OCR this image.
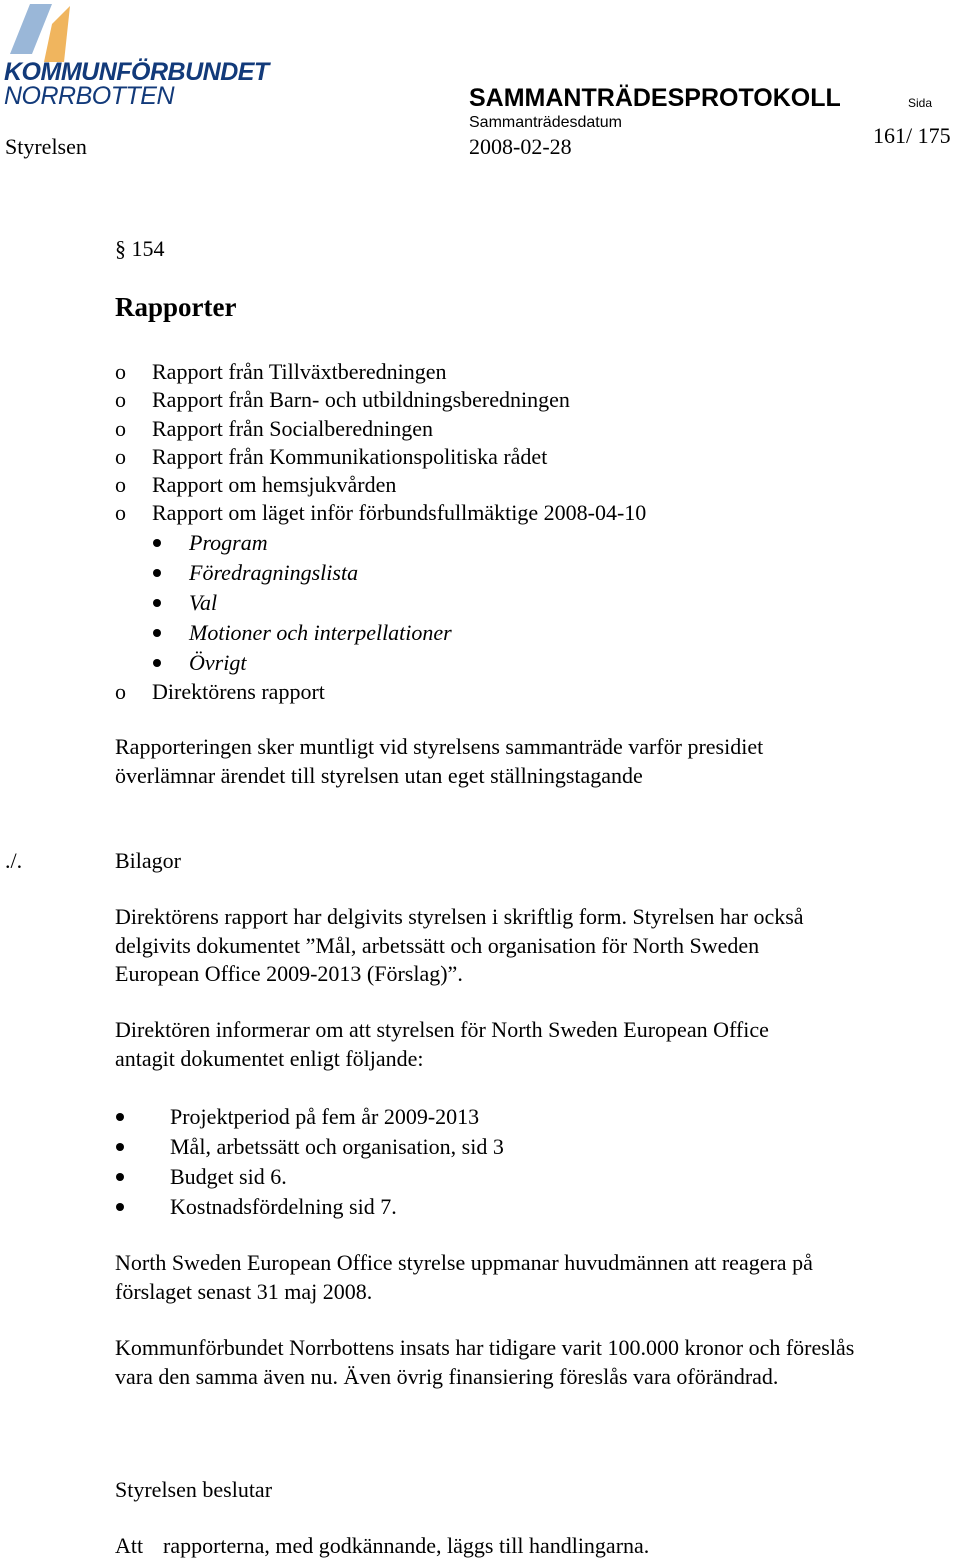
KOMMUNFÖRBUNDET
NORRBOTTEN	SAMMANTRÄDESPROTOKOLL	Sida
Sammanträdesdatum
Styrelsen	2008-02-28	161/ 175
§ 154
Rapporter
o Rapport från Tillväxtberedningen
o Rapport från Barn- och utbildningsberedningen
o Rapport från Socialberedningen
o Rapport från Kommunikationspolitiska rådet
o Rapport om hemsjukvården
o Rapport om läget inför förbundsfullmäktige 2008-04-10
Program
Föredragningslista
Val
Motioner och interpellationer
Övrigt
o Direktörens rapport
Rapporteringen sker muntligt vid styrelsens sammanträde varför presidiet överlämnar ärendet till styrelsen utan eget ställningstagande
./.	Bilagor
Direktörens rapport har delgivits styrelsen i skriftlig form. Styrelsen har också delgivits dokumentet ”Mål, arbetssätt och organisation för North Sweden European Office 2009-2013 (Förslag)”.
Direktören informerar om att styrelsen för North Sweden European Office antagit dokumentet enligt följande:
Projektperiod på fem år 2009-2013
Mål, arbetssätt och organisation, sid 3
Budget sid 6.
Kostnadsfördelning sid 7.
North Sweden European Office styrelse uppmanar huvudmännen att reagera på förslaget senast 31 maj 2008.
Kommunförbundet Norrbottens insats har tidigare varit 100.000 kronor och föreslås vara den samma även nu. Även övrig finansiering föreslås vara oförändrad.
Styrelsen beslutar
Att rapporterna, med godkännande, läggs till handlingarna.
